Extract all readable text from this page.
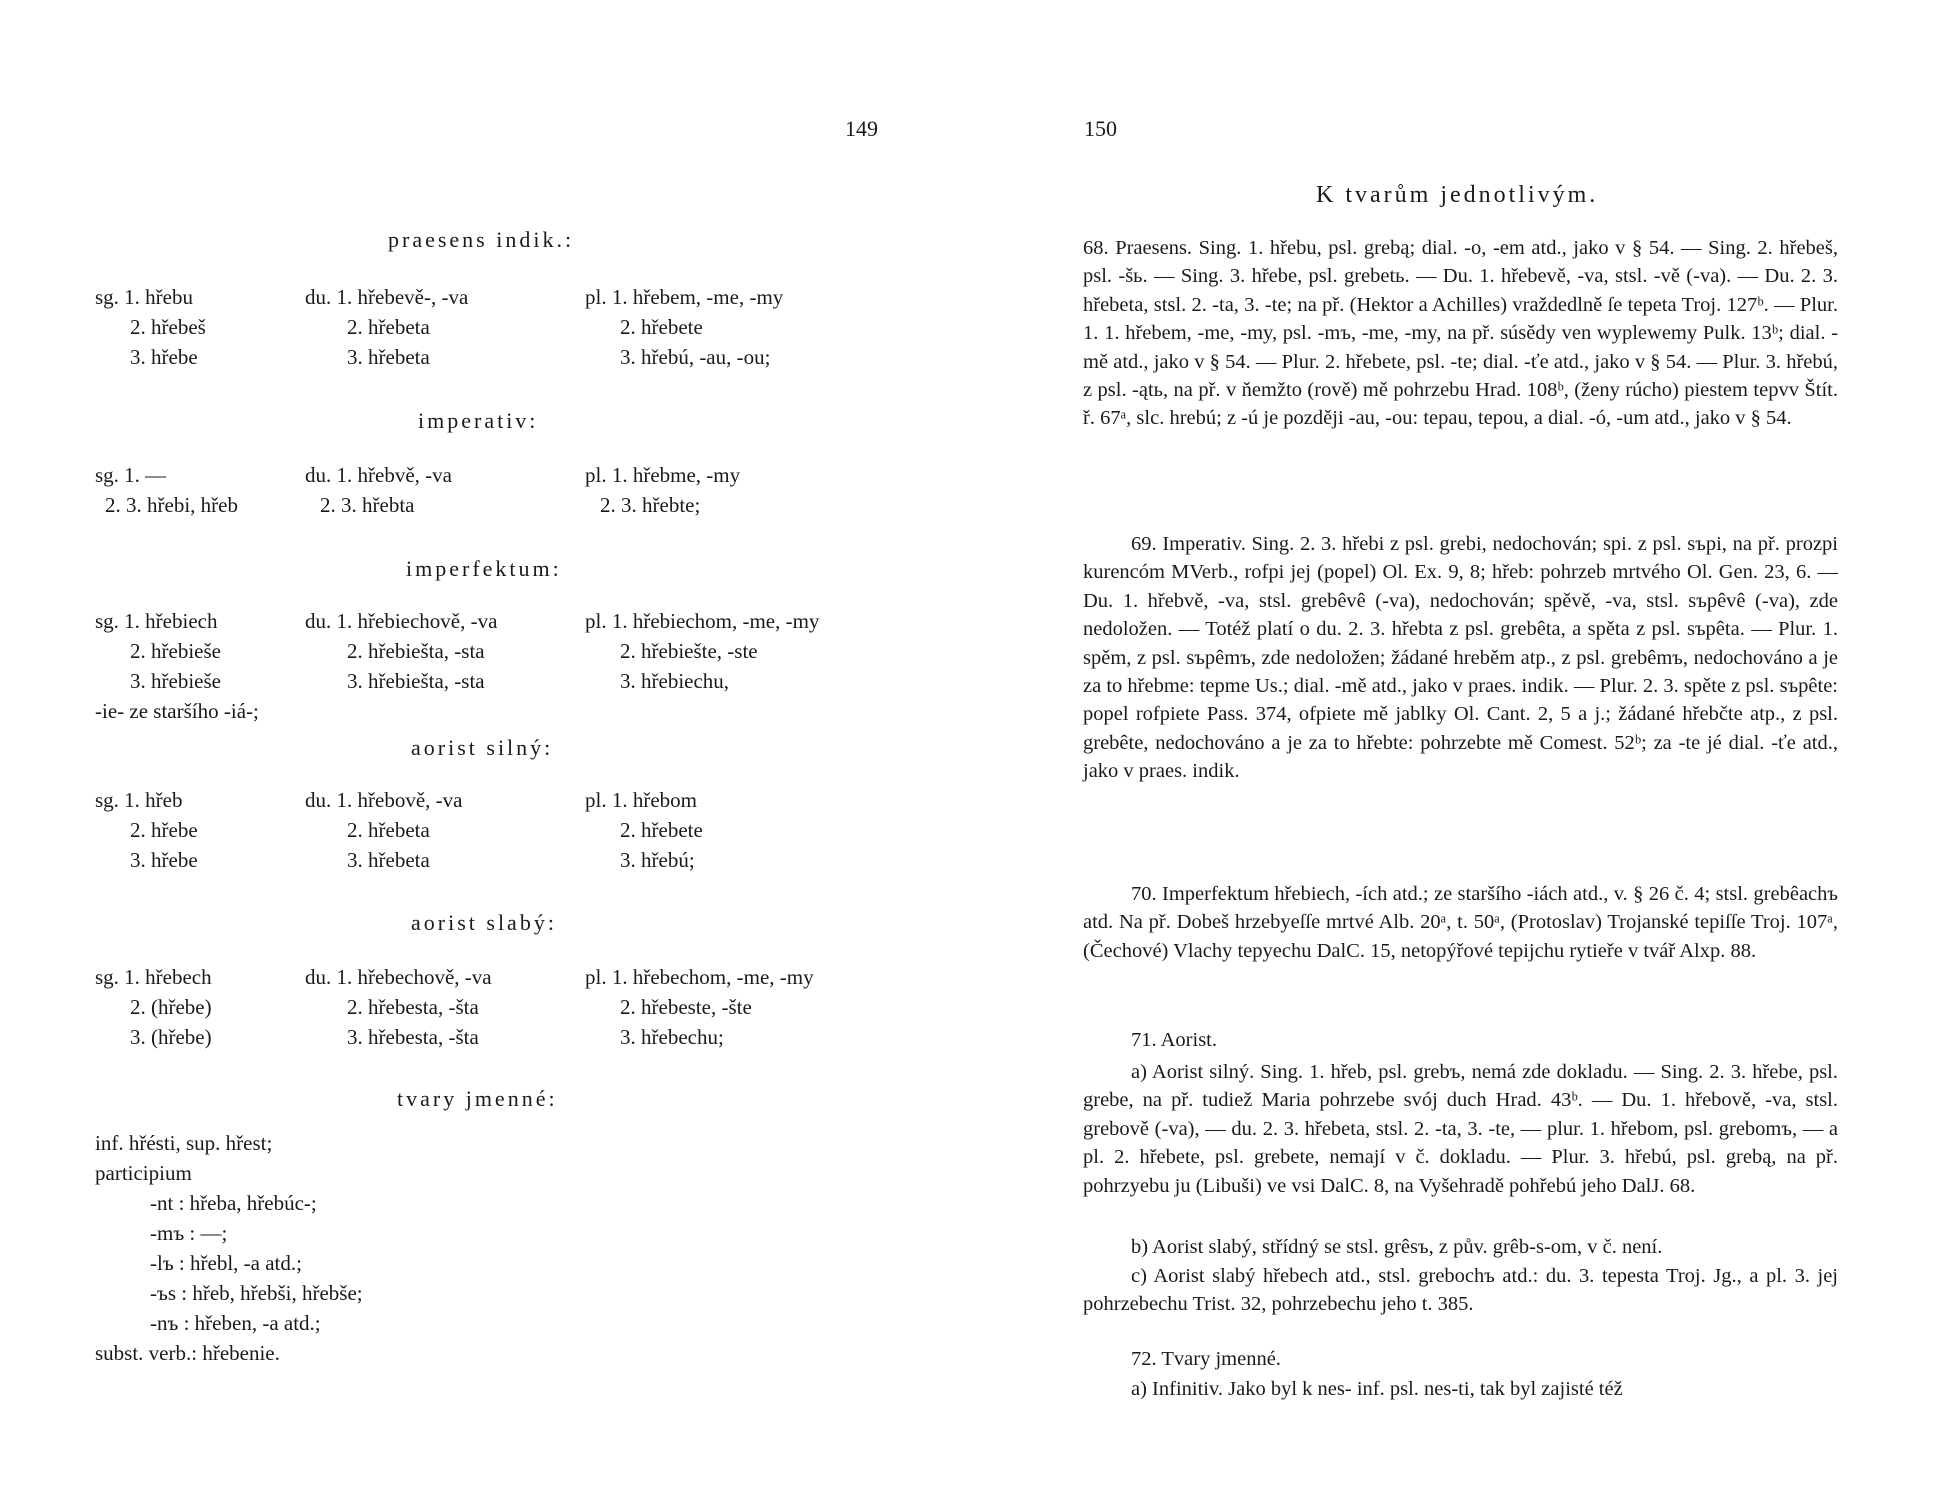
149
praesens indik.:
sg. 1. hřebu
2. hřebeš
3. hřebe
du. 1. hřebevě-, -va
2. hřebeta
3. hřebeta
pl. 1. hřebem, -me, -my
2. hřebete
3. hřebú, -au, -ou;
imperativ:
sg. 1. —
2. 3. hřebi, hřeb
du. 1. hřebvě, -va
2. 3. hřebta
pl. 1. hřebme, -my
2. 3. hřebte;
imperfektum:
sg. 1. hřebiech
2. hřebieše
3. hřebieše
-ie- ze staršího -iá-;
du. 1. hřebiechově, -va
2. hřebiešta, -sta
3. hřebiešta, -sta
pl. 1. hřebiechom, -me, -my
2. hřebiešte, -ste
3. hřebiechu,
aorist silný:
sg. 1. hřeb
2. hřebe
3. hřebe
du. 1. hřebově, -va
2. hřebeta
3. hřebeta
pl. 1. hřebom
2. hřebete
3. hřebú;
aorist slabý:
sg. 1. hřebech
2. (hřebe)
3. (hřebe)
du. 1. hřebechově, -va
2. hřebesta, -šta
3. hřebesta, -šta
pl. 1. hřebechom, -me, -my
2. hřebeste, -šte
3. hřebechu;
tvary jmenné:
inf. hřésti, sup. hřest;
participium
-nt : hřeba, hřebúc-;
-mъ : —;
-lъ : hřebl, -a atd.;
-ъs : hřeb, hřebši, hřebše;
-nъ : hřeben, -a atd.;
subst. verb.: hřebenie.
150
K tvarům jednotlivým.
68. Praesens. Sing. 1. hřebu, psl. grebą; dial. -o, -em atd., jako v § 54. — Sing. 2. hřebeš, psl. -šь. — Sing. 3. hřebe, psl. grebetь. — Du. 1. hřebevě, -va, stsl. -vě (-va). — Du. 2. 3. hřebeta, stsl. 2. -ta, 3. -te; na př. (Hektor a Achilles) vraždedlně ſe tepeta Troj. 127ᵇ. — Plur. 1. 1. hřebem, -me, -my, psl. -mъ, -me, -my, na př. súsědy ven wyplewemy Pulk. 13ᵇ; dial. -mě atd., jako v § 54. — Plur. 2. hřebete, psl. -te; dial. -ťe atd., jako v § 54. — Plur. 3. hřebú, z psl. -ątь, na př. v ňemžto (rově) mě pohrzebu Hrad. 108ᵇ, (ženy rúcho) piestem tepvv Štít. ř. 67ᵃ, slc. hrebú; z -ú je později -au, -ou: tepau, tepou, a dial. -ó, -um atd., jako v § 54.
69. Imperativ. Sing. 2. 3. hřebi z psl. grebi, nedochován; spi. z psl. sъpi, na př. prozpi kurencóm MVerb., rofpi jej (popel) Ol. Ex. 9, 8; hřeb: pohrzeb mrtvého Ol. Gen. 23, 6. — Du. 1. hřebvě, -va, stsl. grebêvê (-va), nedochován; spěvě, -va, stsl. sъpêvê (-va), zde nedoložen. — Totéž platí o du. 2. 3. hřebta z psl. grebêta, a spěta z psl. sъpêta. — Plur. 1. spěm, z psl. sъpêmъ, zde nedoložen; žádané hreběm atp., z psl. grebêmъ, nedochováno a je za to hřebme: tepme Us.; dial. -mě atd., jako v praes. indik. — Plur. 2. 3. spěte z psl. sъpête: popel rofpiete Pass. 374, ofpiete mě jablky Ol. Cant. 2, 5 a j.; žádané hřebčte atp., z psl. grebête, nedochováno a je za to hřebte: pohrzebte mě Comest. 52ᵇ; za -te jé dial. -ťe atd., jako v praes. indik.
70. Imperfektum hřebiech, -ích atd.; ze staršího -iách atd., v. § 26 č. 4; stsl. grebêachъ atd. Na př. Dobeš hrzebyeſſe mrtvé Alb. 20ᵃ, t. 50ᵃ, (Protoslav) Trojanské tepiſſe Troj. 107ᵃ, (Čechové) Vlachy tepyechu DalC. 15, netopýřové tepijchu rytieře v tvář Alxp. 88.
71. Aorist.
a) Aorist silný. Sing. 1. hřeb, psl. grebъ, nemá zde dokladu. — Sing. 2. 3. hřebe, psl. grebe, na př. tudiež Maria pohrzebe svój duch Hrad. 43ᵇ. — Du. 1. hřebově, -va, stsl. grebově (-va), — du. 2. 3. hřebeta, stsl. 2. -ta, 3. -te, — plur. 1. hřebom, psl. grebomъ, — a pl. 2. hřebete, psl. grebete, nemají v č. dokladu. — Plur. 3. hřebú, psl. grebą, na př. pohrzyebu ju (Libuši) ve vsi DalC. 8, na Vyšehradě pohřebú jeho DalJ. 68.
b) Aorist slabý, střídný se stsl. grêsъ, z pův. grêb-s-om, v č. není.
c) Aorist slabý hřebech atd., stsl. grebochъ atd.: du. 3. tepesta Troj. Jg., a pl. 3. jej pohrzebechu Trist. 32, pohrzebechu jeho t. 385.
72. Tvary jmenné.
a) Infinitiv. Jako byl k nes- inf. psl. nes-ti, tak byl zajisté též
